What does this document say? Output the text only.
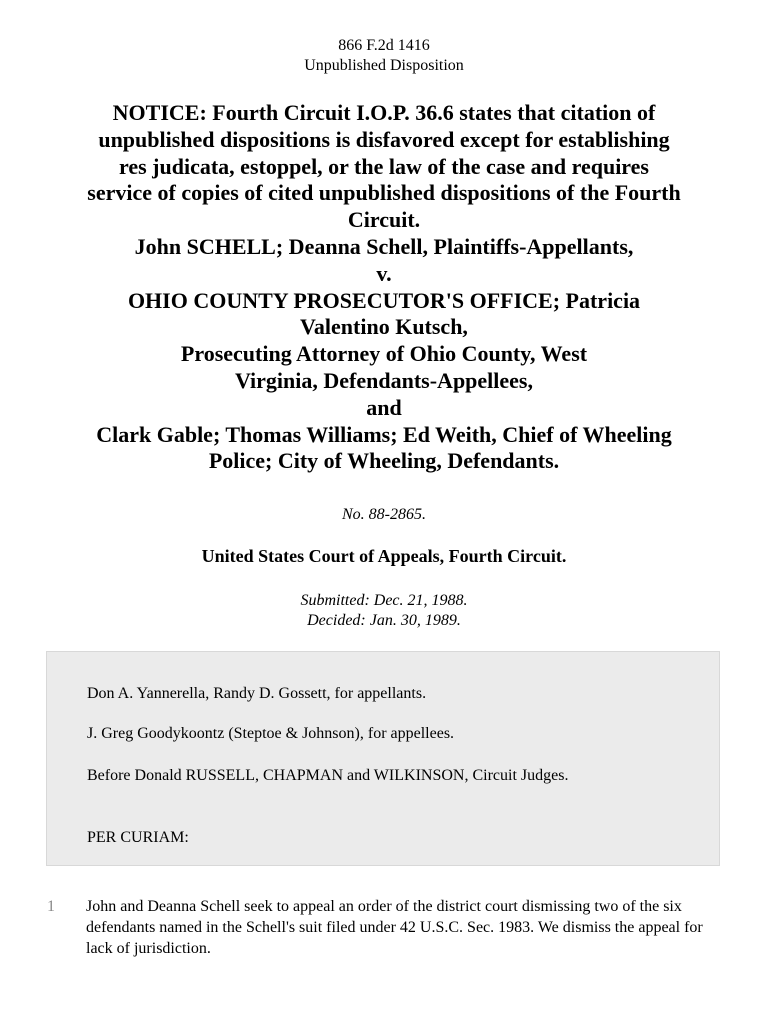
866 F.2d 1416
Unpublished Disposition
NOTICE: Fourth Circuit I.O.P. 36.6 states that citation of
unpublished dispositions is disfavored except for establishing
res judicata, estoppel, or the law of the case and requires
service of copies of cited unpublished dispositions of the Fourth
Circuit.
John SCHELL; Deanna Schell, Plaintiffs-Appellants,
v.
OHIO COUNTY PROSECUTOR'S OFFICE; Patricia
Valentino Kutsch,
Prosecuting Attorney of Ohio County, West
Virginia, Defendants-Appellees,
and
Clark Gable; Thomas Williams; Ed Weith, Chief of Wheeling
Police; City of Wheeling, Defendants.
No. 88-2865.
United States Court of Appeals, Fourth Circuit.
Submitted: Dec. 21, 1988.
Decided: Jan. 30, 1989.

Don A. Yannerella, Randy D. Gossett, for appellants.

J. Greg Goodykoontz (Steptoe & Johnson), for appellees.

Before Donald RUSSELL, CHAPMAN and WILKINSON, Circuit Judges.

PER CURIAM:

1 John and Deanna Schell seek to appeal an order of the district court dismissing two of the six defendants named in the Schell's suit filed under 42 U.S.C. Sec. 1983. We dismiss the appeal for lack of jurisdiction.
